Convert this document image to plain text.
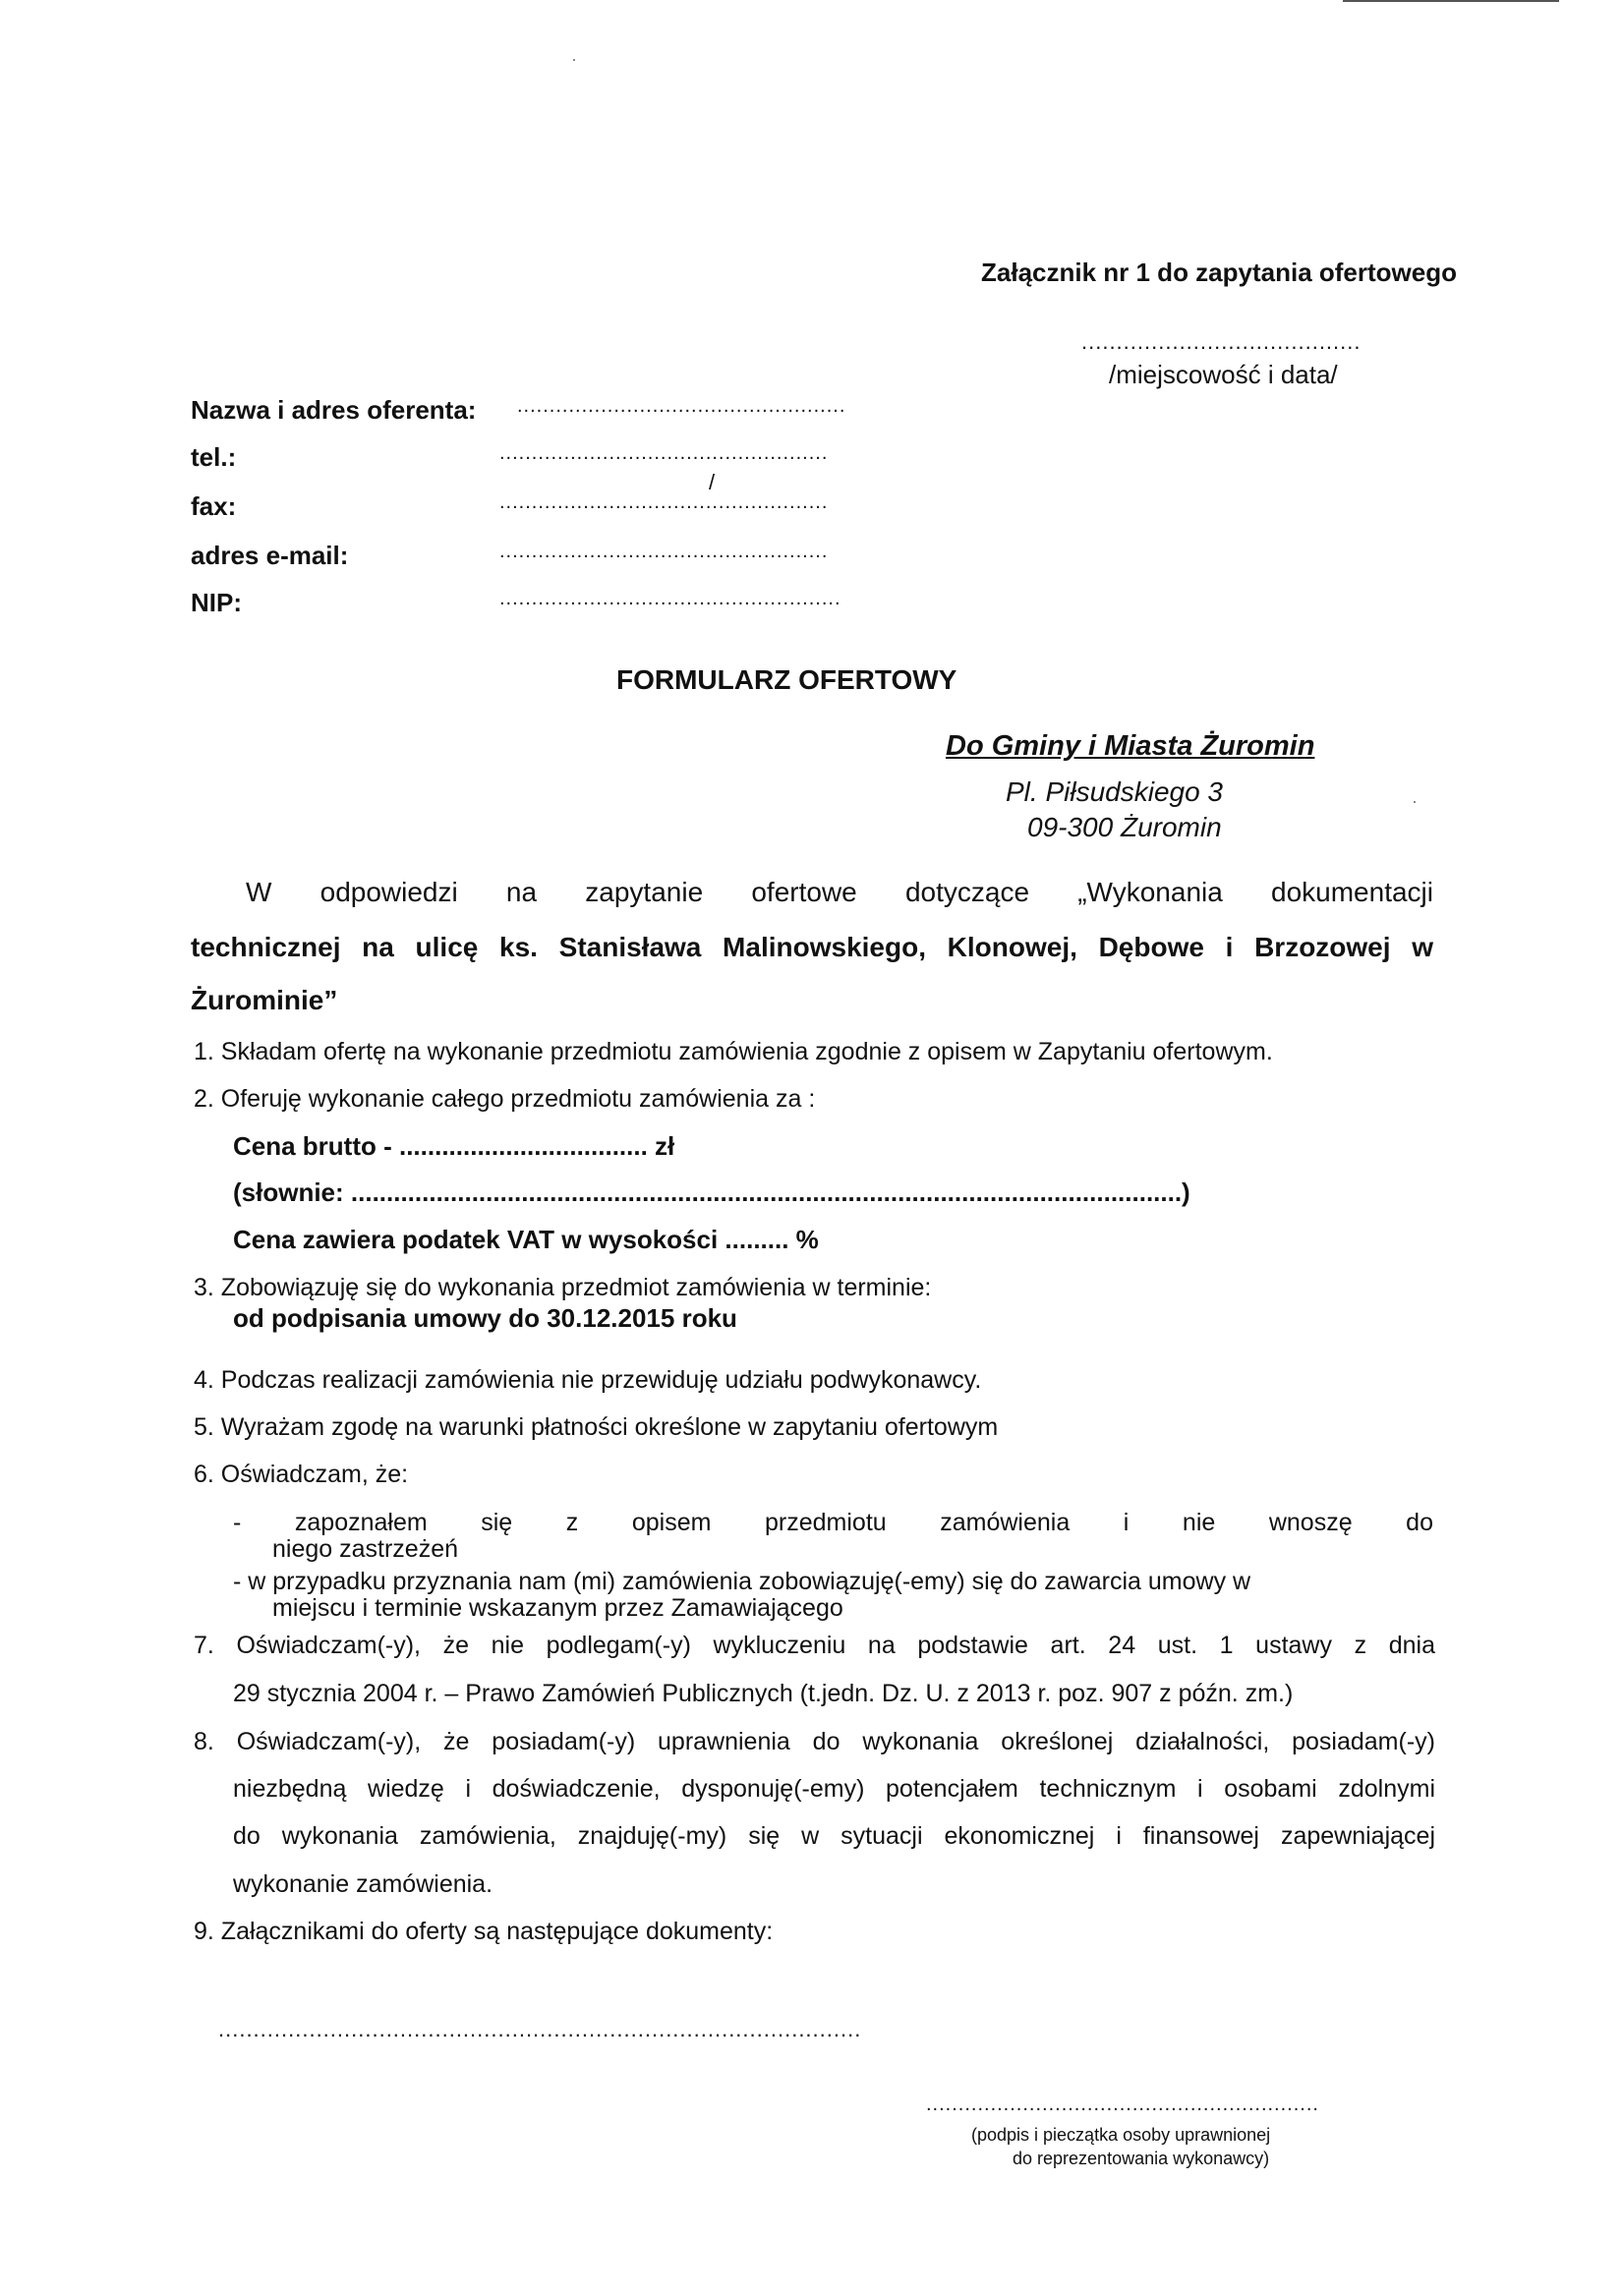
Załącznik nr 1 do zapytania ofertowego
........................................
/miejscowość i data/
Nazwa i adres oferenta: ...................................................
tel.:	...................................................
/
fax:	...................................................
adres e-mail:	...................................................
NIP:	.....................................................
FORMULARZ OFERTOWY
Do Gminy i Miasta Żuromin
Pl. Piłsudskiego 3
09-300 Żuromin
W odpowiedzi na zapytanie ofertowe dotyczące „Wykonania dokumentacji
technicznej na ulicę ks. Stanisława Malinowskiego, Klonowej, Dębowe i Brzozowej w
Żurominie”
1. Składam ofertę na wykonanie przedmiotu zamówienia zgodnie z opisem w Zapytaniu ofertowym.
2. Oferuję wykonanie całego przedmiotu zamówienia za :
Cena brutto - ................................... zł
(słownie: .....................................................................................................................)
Cena zawiera podatek VAT w wysokości ......... %
3. Zobowiązuję się do wykonania przedmiot zamówienia w terminie:
od podpisania umowy do 30.12.2015 roku
4. Podczas realizacji zamówienia nie przewiduję udziału podwykonawcy.
5. Wyrażam zgodę na warunki płatności określone w zapytaniu ofertowym
6. Oświadczam, że:
- zapoznałem się z opisem przedmiotu zamówienia i nie wnoszę do
niego zastrzeżeń
- w przypadku przyznania nam (mi) zamówienia zobowiązuję(-emy) się do zawarcia umowy w
miejscu i terminie wskazanym przez Zamawiającego
7. Oświadczam(-y), że nie podlegam(-y) wykluczeniu na podstawie art. 24 ust. 1 ustawy z dnia
29 stycznia 2004 r. – Prawo Zamówień Publicznych (t.jedn. Dz. U. z 2013 r. poz. 907 z późn. zm.)
8. Oświadczam(-y), że posiadam(-y) uprawnienia do wykonania określonej działalności, posiadam(-y)
niezbędną wiedzę i doświadczenie, dysponuję(-emy) potencjałem technicznym i osobami zdolnymi
do wykonania zamówienia, znajduję(-my) się w sytuacji ekonomicznej i finansowej zapewniającej
wykonanie zamówienia.
9. Załącznikami do oferty są następujące dokumenty:
............................................................................................
.............................................................
(podpis i pieczątka osoby uprawnionej
do reprezentowania wykonawcy)
